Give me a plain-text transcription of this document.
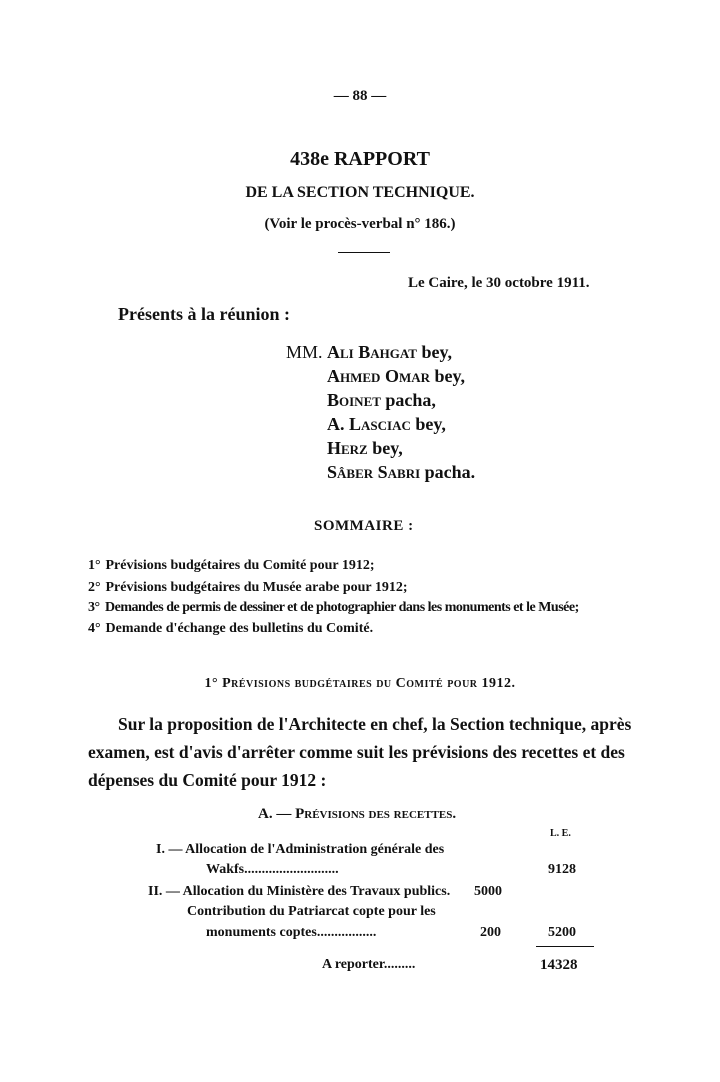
— 88 —
438e RAPPORT
DE LA SECTION TECHNIQUE.
(Voir le procès-verbal n° 186.)
Le Caire, le 30 octobre 1911.
Présents à la réunion :
MM. Ali Bahgat bey,
Ahmed Omar bey,
Boinet pacha,
A. Lasciac bey,
Herz bey,
Sâber Sabri pacha.
SOMMAIRE :
1° Prévisions budgétaires du Comité pour 1912;
2° Prévisions budgétaires du Musée arabe pour 1912;
3° Demandes de permis de dessiner et de photographier dans les monuments et le Musée;
4° Demande d'échange des bulletins du Comité.
1° Prévisions budgétaires du Comité pour 1912.
Sur la proposition de l'Architecte en chef, la Section technique, après
examen, est d'avis d'arrêter comme suit les prévisions des recettes et des
dépenses du Comité pour 1912 :
A. — Prévisions des recettes.
L. E.
I. — Allocation de l'Administration générale des
Wakfs...........................	9128
II. — Allocation du Ministère des Travaux publics. 5000
Contribution du Patriarcat copte pour les
monuments coptes.................	200	5200
A reporter.........	14328
